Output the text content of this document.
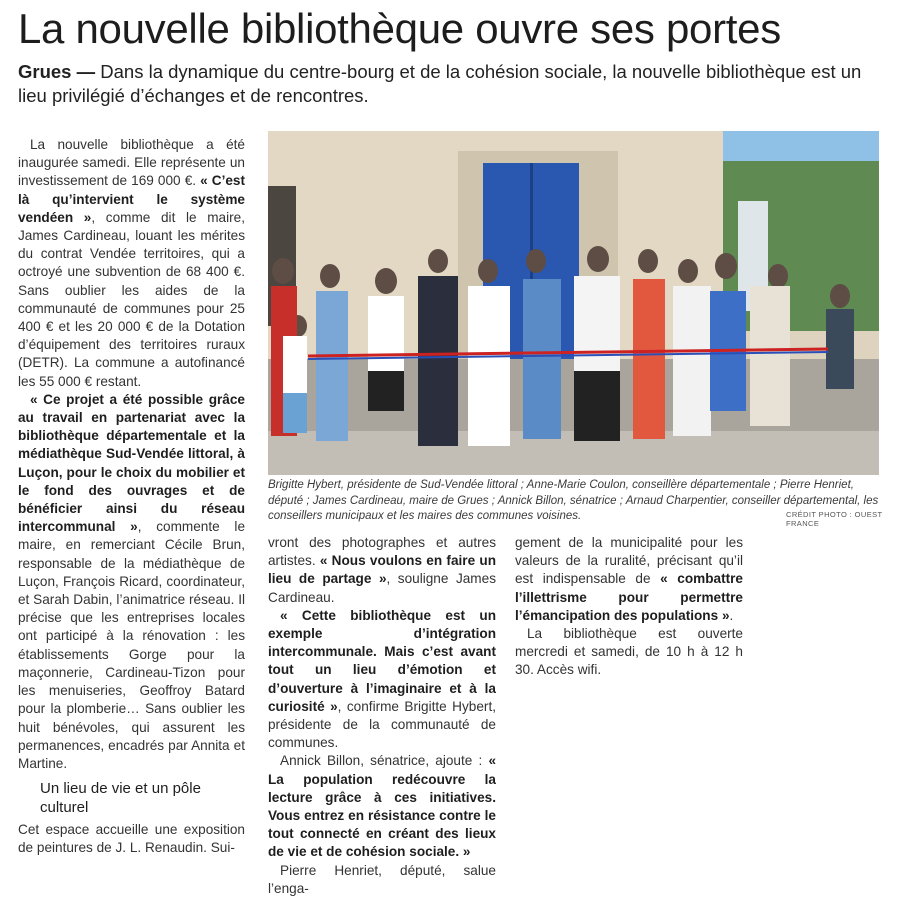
La nouvelle bibliothèque ouvre ses portes
Grues — Dans la dynamique du centre-bourg et de la cohésion sociale, la nouvelle bibliothèque est un lieu privilégié d’échanges et de rencontres.

La nouvelle bibliothèque a été inaugurée samedi. Elle représente un investissement de 169 000 €. « C’est là qu’intervient le système vendéen », comme dit le maire, James Cardineau, louant les mérites du contrat Vendée territoires, qui a octroyé une subvention de 68 400 €. Sans oublier les aides de la communauté de communes pour 25 400 € et les 20 000 € de la Dotation d’équipement des territoires ruraux (DETR). La commune a autofinancé les 55 000 € restant.

« Ce projet a été possible grâce au travail en partenariat avec la bibliothèque départementale et la médiathèque Sud-Vendée littoral, à Luçon, pour le choix du mobilier et le fond des ouvrages et de bénéficier ainsi du réseau intercommunal », commente le maire, en remerciant Cécile Brun, responsable de la médiathèque de Luçon, François Ricard, coordinateur, et Sarah Dabin, l’animatrice réseau. Il précise que les entreprises locales ont participé à la rénovation : les établissements Gorge pour la maçonnerie, Cardineau-Tizon pour les menuiseries, Geoffroy Batard pour la plomberie… Sans oublier les huit bénévoles, qui assurent les permanences, encadrés par Annita et Martine.

Un lieu de vie et un pôle culturel

Cet espace accueille une exposition de peintures de J. L. Renaudin. Sui-

Brigitte Hybert, présidente de Sud-Vendée littoral ; Anne-Marie Coulon, conseillère départementale ; Pierre Henriet, député ; James Cardineau, maire de Grues ; Annick Billon, sénatrice ; Arnaud Charpentier, conseiller départemental, les conseillers municipaux et les maires des communes voisines.	CRÉDIT PHOTO : OUEST FRANCE

vront des photographes et autres artistes. « Nous voulons en faire un lieu de partage », souligne James Cardineau.

« Cette bibliothèque est un exemple d’intégration intercommunale. Mais c’est avant tout un lieu d’émotion et d’ouverture à l’imaginaire et à la curiosité », confirme Brigitte Hybert, présidente de la communauté de communes.

Annick Billon, sénatrice, ajoute : « La population redécouvre la lecture grâce à ces initiatives. Vous entrez en résistance contre le tout connecté en créant des lieux de vie et de cohésion sociale. »

Pierre Henriet, député, salue l’enga-

gement de la municipalité pour les valeurs de la ruralité, précisant qu’il est indispensable de « combattre l’illettrisme pour permettre l’émancipation des populations ».

La bibliothèque est ouverte mercredi et samedi, de 10 h à 12 h 30. Accès wifi.
